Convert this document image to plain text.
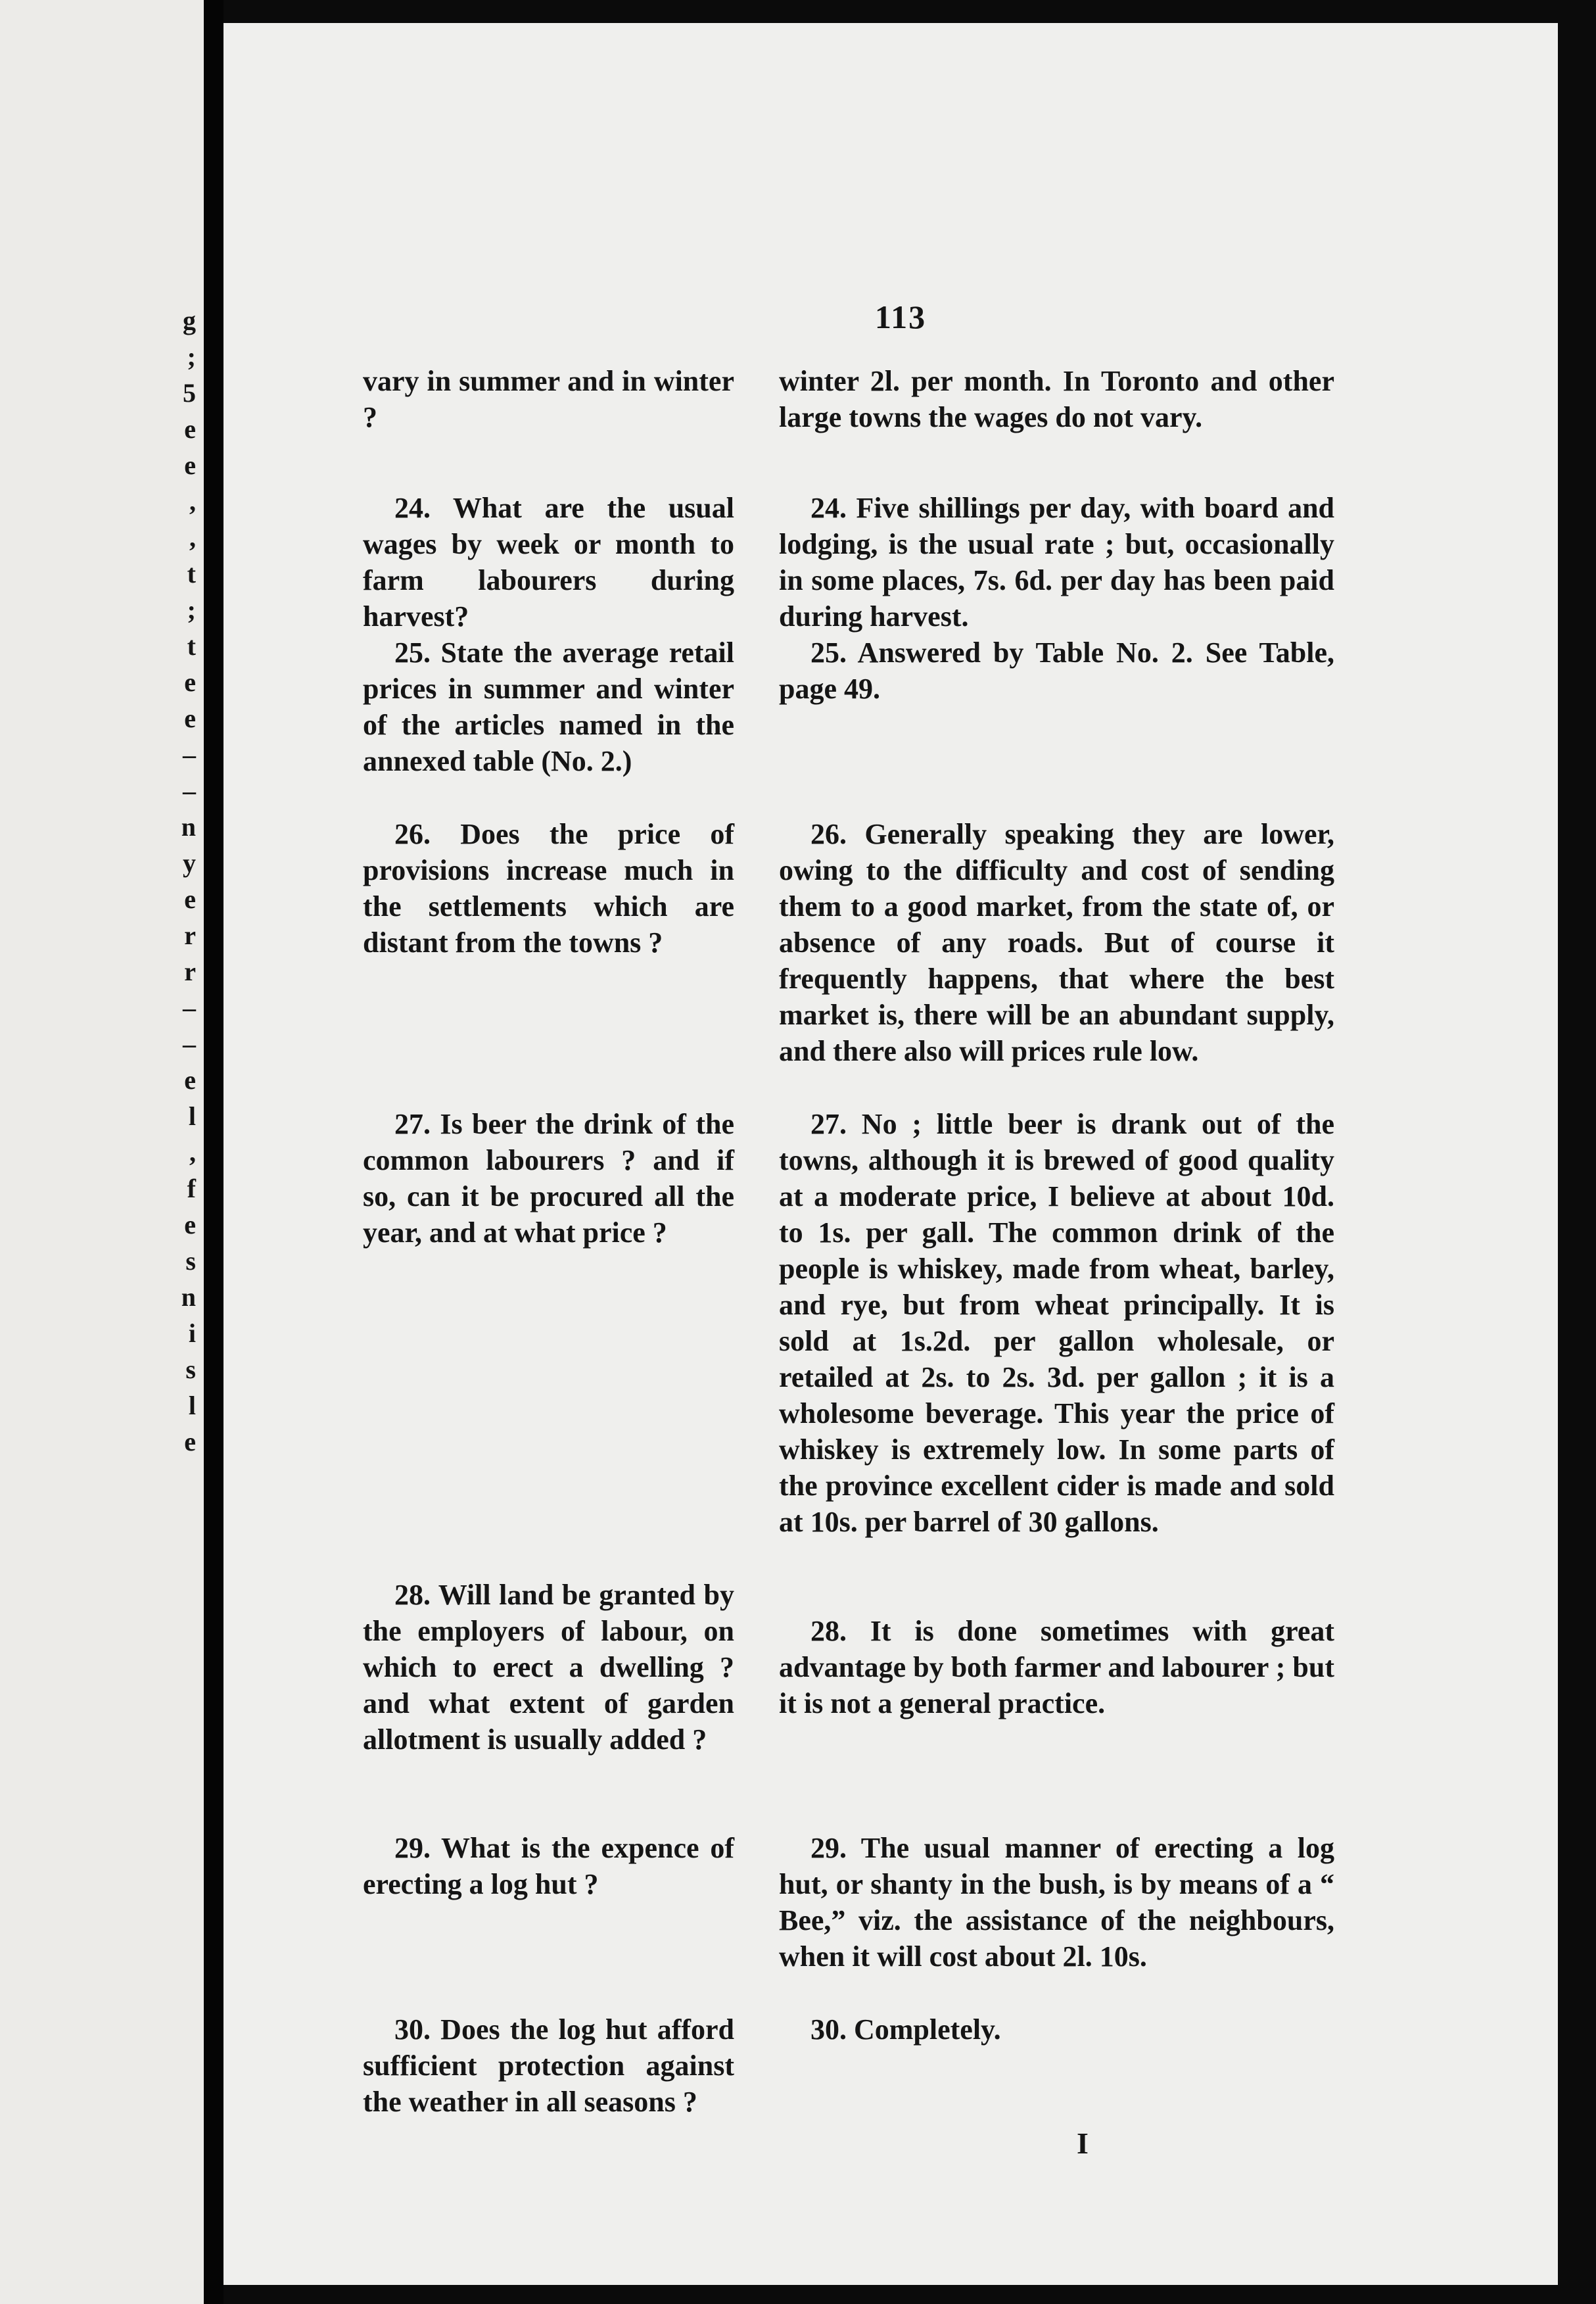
g
;
5
e
e
,
,
t
;
t
e
e
–
–
n
y
e
r
r
–
–
e
l
,
f
e
s
n
i
s
l
e
113

vary in summer and in winter ?

winter 2l. per month. In Toronto and other large towns the wages do not vary.

24. What are the usual wages by week or month to farm labourers during harvest?

24. Five shillings per day, with board and lodging, is the usual rate ; but, occasionally in some places, 7s. 6d. per day has been paid during harvest.

25. State the average retail prices in summer and winter of the articles named in the annexed table (No. 2.)

25. Answered by Table No. 2. See Table, page 49.

26. Does the price of provisions increase much in the settlements which are distant from the towns ?

26. Generally speaking they are lower, owing to the difficulty and cost of sending them to a good market, from the state of, or absence of any roads. But of course it frequently happens, that where the best market is, there will be an abundant supply, and there also will prices rule low.

27. Is beer the drink of the common labourers ? and if so, can it be procured all the year, and at what price ?

27. No ; little beer is drank out of the towns, although it is brewed of good quality at a moderate price, I believe at about 10d. to 1s. per gall. The common drink of the people is whiskey, made from wheat, barley, and rye, but from wheat principally. It is sold at 1s.2d. per gallon wholesale, or retailed at 2s. to 2s. 3d. per gallon ; it is a wholesome beverage. This year the price of whiskey is extremely low. In some parts of the province excellent cider is made and sold at 10s. per barrel of 30 gallons.

28. Will land be granted by the employers of labour, on which to erect a dwelling ? and what extent of garden allotment is usually added ?

28. It is done sometimes with great advantage by both farmer and labourer ; but it is not a general practice.

29. What is the expence of erecting a log hut ?

29. The usual manner of erecting a log hut, or shanty in the bush, is by means of a “ Bee,” viz. the assistance of the neighbours, when it will cost about 2l. 10s.

30. Does the log hut afford sufficient protection against the weather in all seasons ?

30. Completely.

I
